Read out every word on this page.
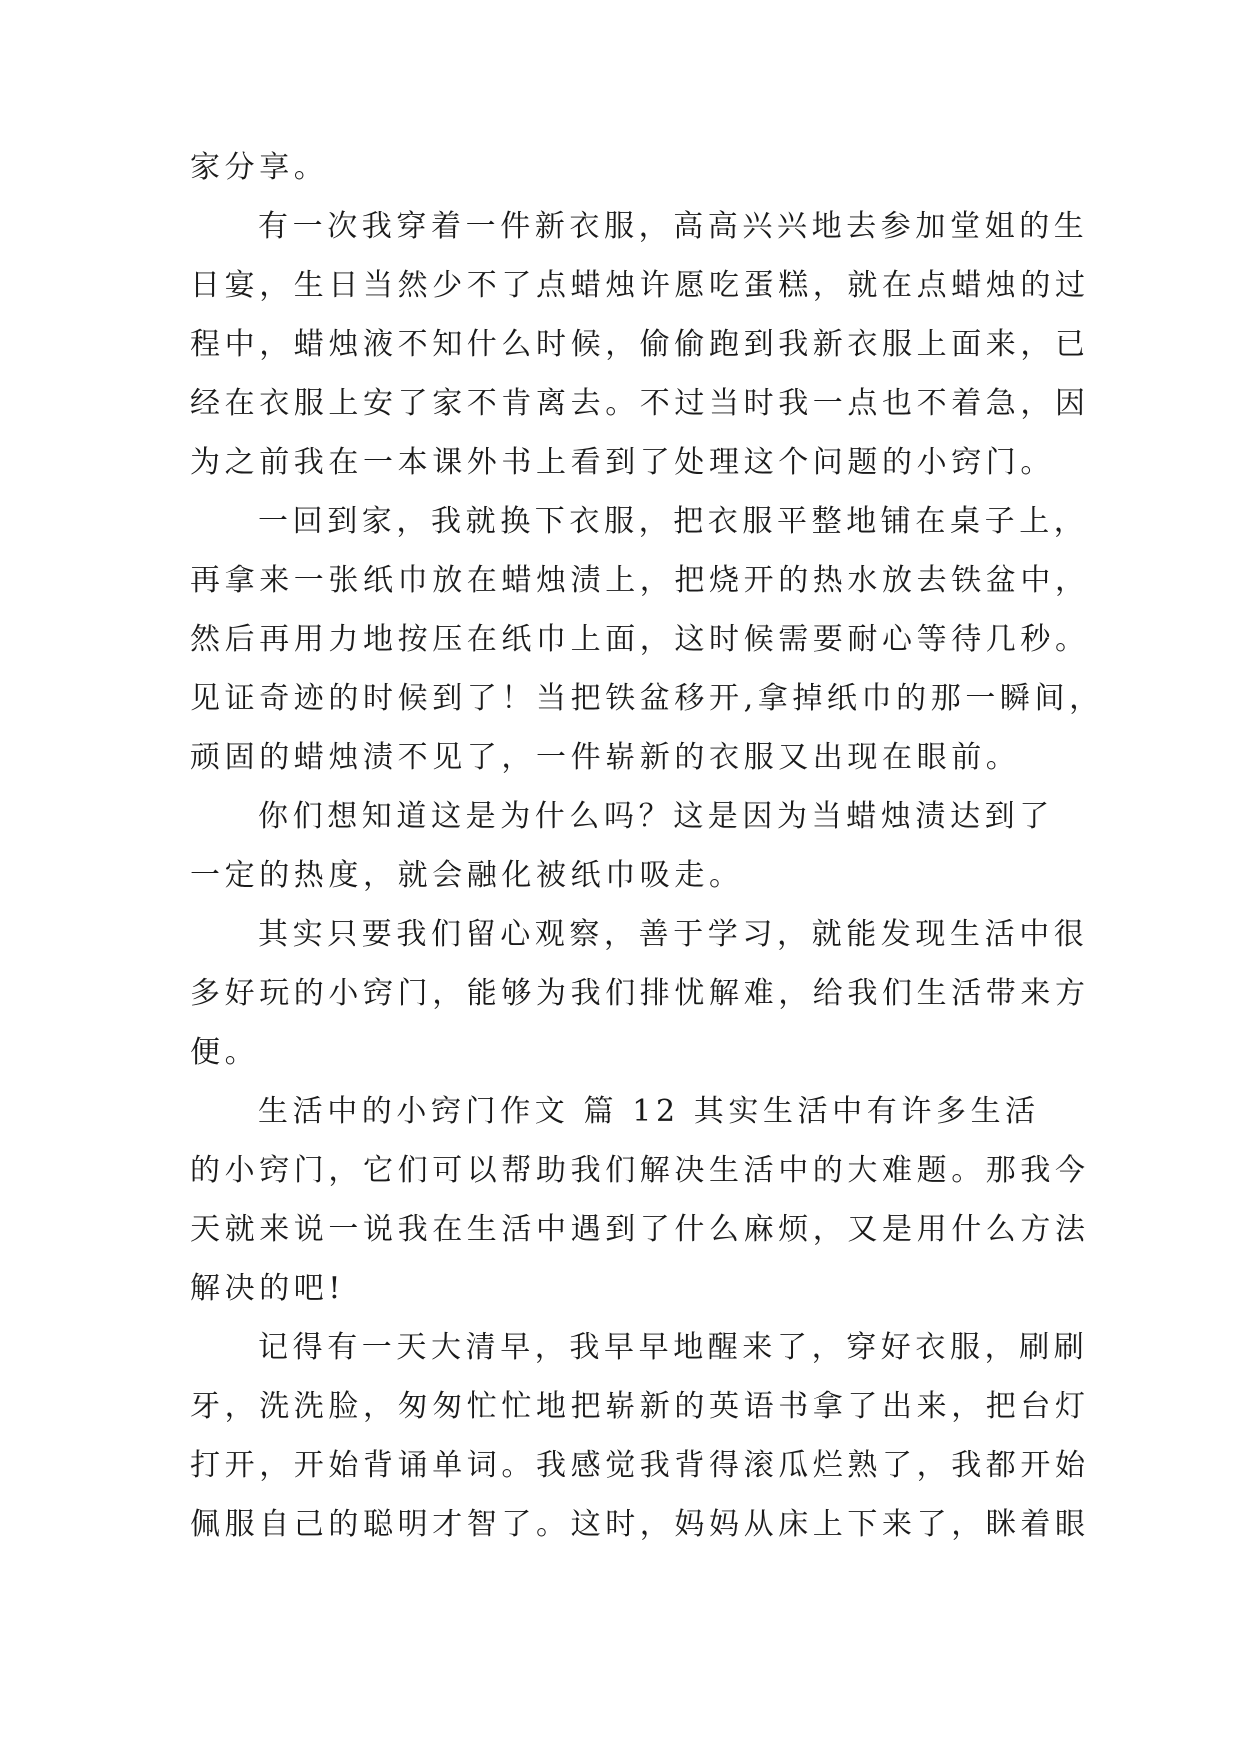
家分享。
有一次我穿着一件新衣服，高高兴兴地去参加堂姐的生
日宴，生日当然少不了点蜡烛许愿吃蛋糕，就在点蜡烛的过
程中，蜡烛液不知什么时候，偷偷跑到我新衣服上面来，已
经在衣服上安了家不肯离去。不过当时我一点也不着急，因
为之前我在一本课外书上看到了处理这个问题的小窍门。
一回到家，我就换下衣服，把衣服平整地铺在桌子上，
再拿来一张纸巾放在蜡烛渍上，把烧开的热水放去铁盆中，
然后再用力地按压在纸巾上面，这时候需要耐心等待几秒。
见证奇迹的时候到了！当把铁盆移开,拿掉纸巾的那一瞬间，
顽固的蜡烛渍不见了，一件崭新的衣服又出现在眼前。
你们想知道这是为什么吗？这是因为当蜡烛渍达到了
一定的热度，就会融化被纸巾吸走。
其实只要我们留心观察，善于学习，就能发现生活中很
多好玩的小窍门，能够为我们排忧解难，给我们生活带来方
便。
生活中的小窍门作文 篇 12 其实生活中有许多生活
的小窍门，它们可以帮助我们解决生活中的大难题。那我今
天就来说一说我在生活中遇到了什么麻烦，又是用什么方法
解决的吧!
记得有一天大清早，我早早地醒来了，穿好衣服，刷刷
牙，洗洗脸，匆匆忙忙地把崭新的英语书拿了出来，把台灯
打开，开始背诵单词。我感觉我背得滚瓜烂熟了，我都开始
佩服自己的聪明才智了。这时，妈妈从床上下来了，眯着眼
